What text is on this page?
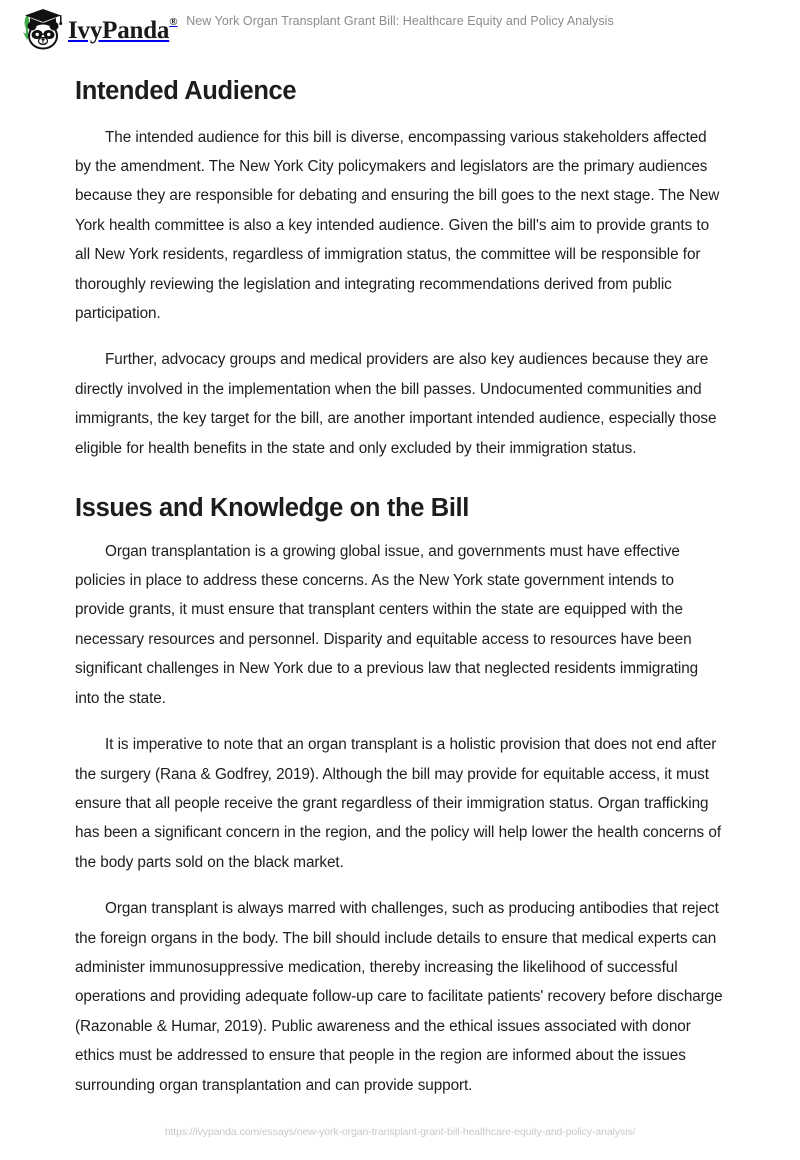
IvyPanda ® New York Organ Transplant Grant Bill: Healthcare Equity and Policy Analysis
Intended Audience

The intended audience for this bill is diverse, encompassing various stakeholders affected by the amendment. The New York City policymakers and legislators are the primary audiences because they are responsible for debating and ensuring the bill goes to the next stage. The New York health committee is also a key intended audience. Given the bill's aim to provide grants to all New York residents, regardless of immigration status, the committee will be responsible for thoroughly reviewing the legislation and integrating recommendations derived from public participation.

Further, advocacy groups and medical providers are also key audiences because they are directly involved in the implementation when the bill passes. Undocumented communities and immigrants, the key target for the bill, are another important intended audience, especially those eligible for health benefits in the state and only excluded by their immigration status.

Issues and Knowledge on the Bill

Organ transplantation is a growing global issue, and governments must have effective policies in place to address these concerns. As the New York state government intends to provide grants, it must ensure that transplant centers within the state are equipped with the necessary resources and personnel. Disparity and equitable access to resources have been significant challenges in New York due to a previous law that neglected residents immigrating into the state.

It is imperative to note that an organ transplant is a holistic provision that does not end after the surgery (Rana & Godfrey, 2019). Although the bill may provide for equitable access, it must ensure that all people receive the grant regardless of their immigration status. Organ trafficking has been a significant concern in the region, and the policy will help lower the health concerns of the body parts sold on the black market.

Organ transplant is always marred with challenges, such as producing antibodies that reject the foreign organs in the body. The bill should include details to ensure that medical experts can administer immunosuppressive medication, thereby increasing the likelihood of successful operations and providing adequate follow-up care to facilitate patients' recovery before discharge (Razonable & Humar, 2019). Public awareness and the ethical issues associated with donor ethics must be addressed to ensure that people in the region are informed about the issues surrounding organ transplantation and can provide support.

https://ivypanda.com/essays/new-york-organ-transplant-grant-bill-healthcare-equity-and-policy-analysis/
